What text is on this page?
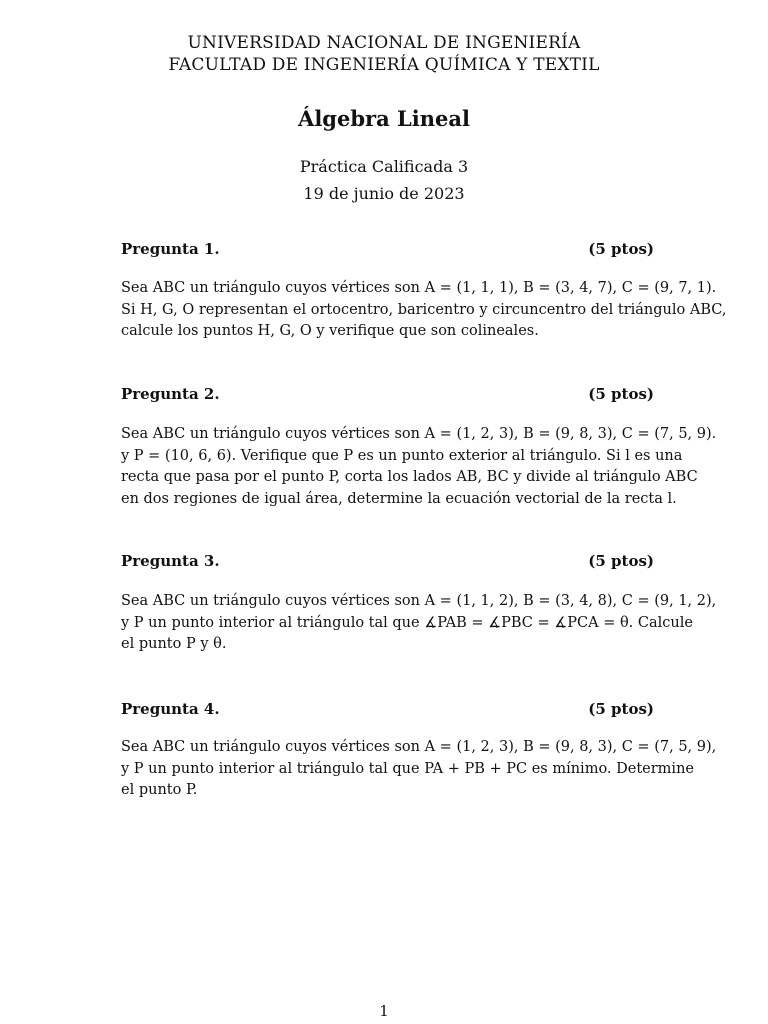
UNIVERSIDAD NACIONAL DE INGENIERÍA
FACULTAD DE INGENIERÍA QUÍMICA Y TEXTIL
Álgebra Lineal
Práctica Calificada 3
19 de junio de 2023
Pregunta 1.	(5 ptos)
Sea ABC un triángulo cuyos vértices son A = (1, 1, 1), B = (3, 4, 7), C = (9, 7, 1).
Si H, G, O representan el ortocentro, baricentro y circuncentro del triángulo ABC,
calcule los puntos H, G, O y verifique que son colineales.
Pregunta 2.	(5 ptos)
Sea ABC un triángulo cuyos vértices son A = (1, 2, 3), B = (9, 8, 3), C = (7, 5, 9).
y P = (10, 6, 6). Verifique que P es un punto exterior al triángulo. Si l es una
recta que pasa por el punto P, corta los lados AB, BC y divide al triángulo ABC
en dos regiones de igual área, determine la ecuación vectorial de la recta l.
Pregunta 3.	(5 ptos)
Sea ABC un triángulo cuyos vértices son A = (1, 1, 2), B = (3, 4, 8), C = (9, 1, 2),
y P un punto interior al triángulo tal que ∡PAB = ∡PBC = ∡PCA = θ. Calcule
el punto P y θ.
Pregunta 4.	(5 ptos)
Sea ABC un triángulo cuyos vértices son A = (1, 2, 3), B = (9, 8, 3), C = (7, 5, 9),
y P un punto interior al triángulo tal que PA + PB + PC es mínimo. Determine
el punto P.
1
